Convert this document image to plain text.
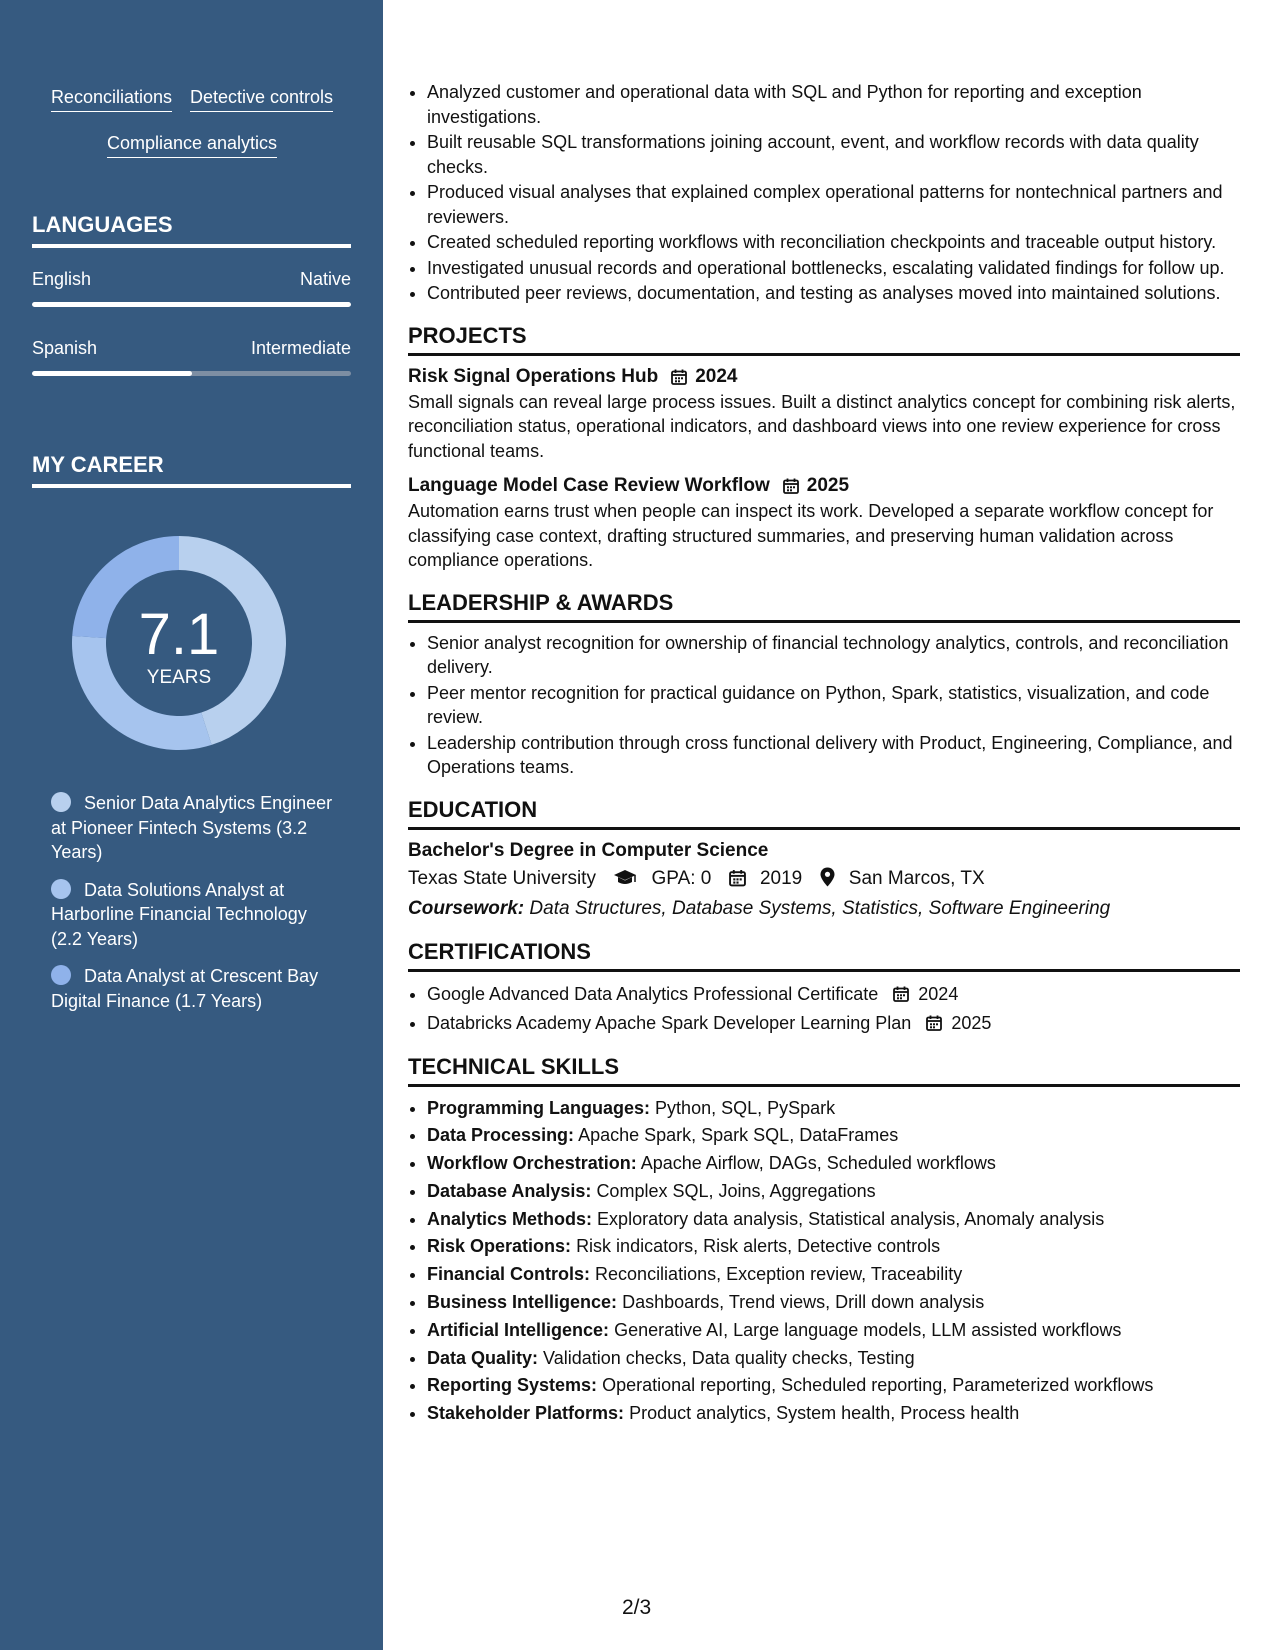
Reconciliations Detective controls
Compliance analytics
LANGUAGES
English	Native
Spanish	Intermediate
MY CAREER
7.1
YEARS
Senior Data Analytics Engineer at Pioneer Fintech Systems (3.2 Years)
Data Solutions Analyst at Harborline Financial Technology (2.2 Years)
Data Analyst at Crescent Bay Digital Finance (1.7 Years)
• Analyzed customer and operational data with SQL and Python for reporting and exception investigations.
• Built reusable SQL transformations joining account, event, and workflow records with data quality checks.
• Produced visual analyses that explained complex operational patterns for nontechnical partners and reviewers.
• Created scheduled reporting workflows with reconciliation checkpoints and traceable output history.
• Investigated unusual records and operational bottlenecks, escalating validated findings for follow up.
• Contributed peer reviews, documentation, and testing as analyses moved into maintained solutions.
PROJECTS
Risk Signal Operations Hub 2024
Small signals can reveal large process issues. Built a distinct analytics concept for combining risk alerts, reconciliation status, operational indicators, and dashboard views into one review experience for cross functional teams.
Language Model Case Review Workflow 2025
Automation earns trust when people can inspect its work. Developed a separate workflow concept for classifying case context, drafting structured summaries, and preserving human validation across compliance operations.
LEADERSHIP & AWARDS
• Senior analyst recognition for ownership of financial technology analytics, controls, and reconciliation delivery.
• Peer mentor recognition for practical guidance on Python, Spark, statistics, visualization, and code review.
• Leadership contribution through cross functional delivery with Product, Engineering, Compliance, and Operations teams.
EDUCATION
Bachelor's Degree in Computer Science
Texas State University	GPA: 0	2019 San Marcos, TX
Coursework: Data Structures, Database Systems, Statistics, Software Engineering
CERTIFICATIONS
• Google Advanced Data Analytics Professional Certificate 2024
• Databricks Academy Apache Spark Developer Learning Plan 2025
TECHNICAL SKILLS
• Programming Languages: Python, SQL, PySpark
• Data Processing: Apache Spark, Spark SQL, DataFrames
• Workflow Orchestration: Apache Airflow, DAGs, Scheduled workflows
• Database Analysis: Complex SQL, Joins, Aggregations
• Analytics Methods: Exploratory data analysis, Statistical analysis, Anomaly analysis
• Risk Operations: Risk indicators, Risk alerts, Detective controls
• Financial Controls: Reconciliations, Exception review, Traceability
• Business Intelligence: Dashboards, Trend views, Drill down analysis
• Artificial Intelligence: Generative AI, Large language models, LLM assisted workflows
• Data Quality: Validation checks, Data quality checks, Testing
• Reporting Systems: Operational reporting, Scheduled reporting, Parameterized workflows
• Stakeholder Platforms: Product analytics, System health, Process health
2/3
